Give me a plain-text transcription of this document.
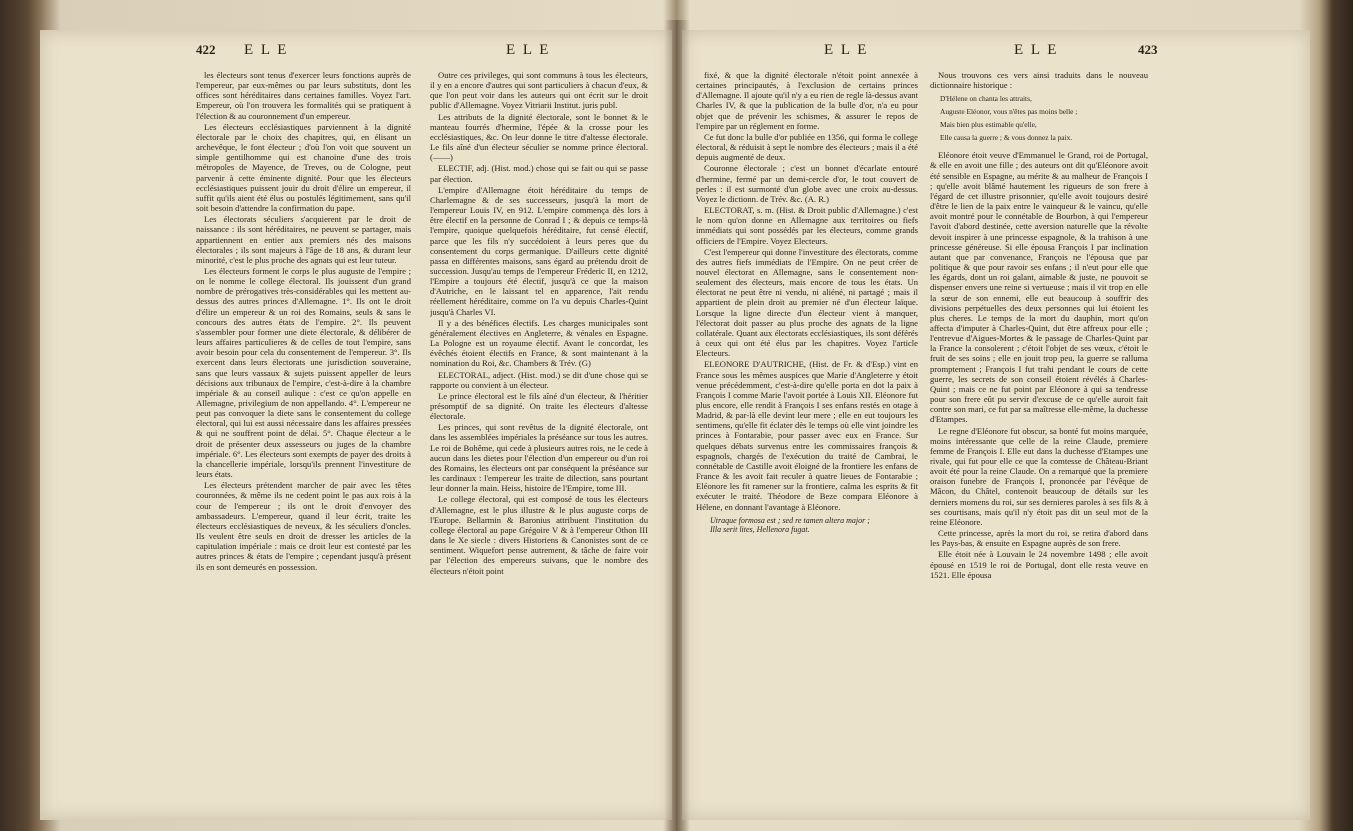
422 E L E	E L E	E L E	E L E	423

les électeurs sont tenus d'exercer leurs fonctions auprès de l'empereur, par eux-mêmes ou par leurs substituts, dont les offices sont héréditaires dans certaines familles. Voyez l'art. Empereur, où l'on trouvera les formalités qui se pratiquent à l'élection & au couronnement d'un empereur.

Les électeurs ecclésiastiques parviennent à la dignité électorale par le choix des chapitres, qui, en élisant un archevêque, le font électeur ; d'où l'on voit que souvent un simple gentilhomme qui est chanoine d'une des trois métropoles de Mayence, de Treves, ou de Cologne, peut parvenir à cette éminente dignité. Pour que les électeurs ecclésiastiques puissent jouir du droit d'élire un empereur, il suffit qu'ils aient été élus ou postulés légitimement, sans qu'il soit besoin d'attendre la confirmation du pape.

Les électorats séculiers s'acquierent par le droit de naissance : ils sont héréditaires, ne peuvent se partager, mais appartiennent en entier aux premiers nés des maisons électorales ; ils sont majeurs à l'âge de 18 ans, & durant leur minorité, c'est le plus proche des agnats qui est leur tuteur.

Les électeurs forment le corps le plus auguste de l'empire ; on le nomme le college électoral. Ils jouissent d'un grand nombre de prérogatives très-considérables qui les mettent au-dessus des autres princes d'Allemagne. 1°. Ils ont le droit d'élire un empereur & un roi des Romains, seuls & sans le concours des autres états de l'empire. 2°. Ils peuvent s'assembler pour former une diete électorale, & délibérer de leurs affaires particulieres & de celles de tout l'empire, sans avoir besoin pour cela du consentement de l'empereur. 3°. Ils exercent dans leurs électorats une jurisdiction souveraine, sans que leurs vassaux & sujets puissent appeller de leurs décisions aux tribunaux de l'empire, c'est-à-dire à la chambre impériale & au conseil aulique : c'est ce qu'on appelle en Allemagne, privilegium de non appellando. 4°. L'empereur ne peut pas convoquer la diete sans le consentement du college électoral, qui lui est aussi nécessaire dans les affaires pressées & qui ne souffrent point de délai. 5°. Chaque électeur a le droit de présenter deux assesseurs ou juges de la chambre impériale. 6°. Les électeurs sont exempts de payer des droits à la chancellerie impériale, lorsqu'ils prennent l'investiture de leurs états.

Les électeurs prétendent marcher de pair avec les têtes couronnées, & même ils ne cedent point le pas aux rois à la cour de l'empereur ; ils ont le droit d'envoyer des ambassadeurs. L'empereur, quand il leur écrit, traite les électeurs ecclésiastiques de neveux, & les séculiers d'oncles. Ils veulent être seuls en droit de dresser les articles de la capitulation impériale : mais ce droit leur est contesté par les autres princes & états de l'empire ; cependant jusqu'à présent ils en sont demeurés en possession.

Outre ces privileges, qui sont communs à tous les électeurs, il y en a encore d'autres qui sont particuliers à chacun d'eux, & que l'on peut voir dans les auteurs qui ont écrit sur le droit public d'Allemagne. Voyez Vitriarii Institut. juris publ.

Les attributs de la dignité électorale, sont le bonnet & le manteau fourrés d'hermine, l'épée & la crosse pour les ecclésiastiques, &c. On leur donne le titre d'altesse électorale. Le fils aîné d'un électeur séculier se nomme prince électoral. (——)

ELECTIF, adj. (Hist. mod.) chose qui se fait ou qui se passe par élection.

L'empire d'Allemagne étoit héréditaire du temps de Charlemagne & de ses successeurs, jusqu'à la mort de l'empereur Louis IV, en 912. L'empire commença dès lors à être électif en la personne de Conrad I ; & depuis ce temps-là l'empire, quoique quelquefois héréditaire, fut censé électif, parce que les fils n'y succédoient à leurs peres que du consentement du corps germanique. D'ailleurs cette dignité passa en différentes maisons, sans égard au prétendu droit de succession. Jusqu'au temps de l'empereur Fréderic II, en 1212, l'Empire a toujours été électif, jusqu'à ce que la maison d'Autriche, en le laissant tel en apparence, l'ait rendu réellement héréditaire, comme on l'a vu depuis Charles-Quint jusqu'à Charles VI.

Il y a des bénéfices électifs. Les charges municipales sont généralement électives en Angleterre, & vénales en Espagne. La Pologne est un royaume électif. Avant le concordat, les évêchés étoient électifs en France, & sont maintenant à la nomination du Roi, &c. Chambers & Trév. (G)

ELECTORAL, adject. (Hist. mod.) se dit d'une chose qui se rapporte ou convient à un électeur.

Le prince électoral est le fils aîné d'un électeur, & l'héritier présomptif de sa dignité. On traite les électeurs d'altesse électorale.

Les princes, qui sont revêtus de la dignité électorale, ont dans les assemblées impériales la préséance sur tous les autres. Le roi de Bohême, qui cede à plusieurs autres rois, ne le cede à aucun dans les dietes pour l'élection d'un empereur ou d'un roi des Romains, les électeurs ont par conséquent la préséance sur les cardinaux : l'empereur les traite de dilection, sans pourtant leur donner la main. Heiss, histoire de l'Empire, tome III.

Le college électoral, qui est composé de tous les électeurs d'Allemagne, est le plus illustre & le plus auguste corps de l'Europe. Bellarmin & Baronius attribuent l'institution du college électoral au pape Grégoire V & à l'empereur Othon III dans le Xe siecle : divers Historiens & Canonistes sont de ce sentiment. Wiquefort pense autrement, & tâche de faire voir par l'élection des empereurs suivans, que le nombre des électeurs n'étoit point

fixé, & que la dignité électorale n'étoit point annexée à certaines principautés, à l'exclusion de certains princes d'Allemagne. Il ajoute qu'il n'y a eu rien de regle là-dessus avant Charles IV, & que la publication de la bulle d'or, n'a eu pour objet que de prévenir les schismes, & assurer le repos de l'empire par un réglement en forme.

Ce fut donc la bulle d'or publiée en 1356, qui forma le college électoral, & réduisit à sept le nombre des électeurs ; mais il a été depuis augmenté de deux.

Couronne électorale ; c'est un bonnet d'écarlate entouré d'hermine, fermé par un demi-cercle d'or, le tout couvert de perles : il est surmonté d'un globe avec une croix au-dessus. Voyez le dictionn. de Trév. &c. (A. R.)

ELECTORAT, s. m. (Hist. & Droit public d'Allemagne.) c'est le nom qu'on donne en Allemagne aux territoires ou fiefs immédiats qui sont possédés par les électeurs, comme grands officiers de l'Empire. Voyez Electeurs.

C'est l'empereur qui donne l'investiture des électorats, comme des autres fiefs immédiats de l'Empire. On ne peut créer de nouvel électorat en Allemagne, sans le consentement non-seulement des électeurs, mais encore de tous les états. Un électorat ne peut être ni vendu, ni aliéné, ni partagé ; mais il appartient de plein droit au premier né d'un électeur laïque. Lorsque la ligne directe d'un électeur vient à manquer, l'électorat doit passer au plus proche des agnats de la ligne collatérale. Quant aux électorats ecclésiastiques, ils sont déférés à ceux qui ont été élus par les chapitres. Voyez l'article Electeurs.

ELEONORE D'AUTRICHE, (Hist. de Fr. & d'Esp.) vint en France sous les mêmes auspices que Marie d'Angleterre y étoit venue précédemment, c'est-à-dire qu'elle porta en dot la paix à François I comme Marie l'avoit portée à Louis XII. Eléonore fut plus encore, elle rendit à François I ses enfans restés en otage à Madrid, & par-là elle devint leur mere ; elle en eut toujours les sentimens, qu'elle fit éclater dès le temps où elle vint joindre les princes à Fontarabie, pour passer avec eux en France. Sur quelques débats survenus entre les commissaires françois & espagnols, chargés de l'exécution du traité de Cambrai, le connétable de Castille avoit éloigné de la frontiere les enfans de France & les avoit fait reculer à quatre lieues de Fontarabie ; Eléonore les fit ramener sur la frontiere, calma les esprits & fit exécuter le traité. Théodore de Beze compara Eléonore à Hélene, en donnant l'avantage à Eléonore.

Utraque formosa est ; sed re tamen altera major ;
Illa serit lites, Hellenora fugat.

Nous trouvons ces vers ainsi traduits dans le nouveau dictionnaire historique :

D'Hélene on chanta les attraits,
Auguste Eléonor, vous n'êtes pas moins belle ;
Mais bien plus estimable qu'elle,
Elle causa la guerre ; & vous donnez la paix.

Eléonore étoit veuve d'Emmanuel le Grand, roi de Portugal, & elle en avoit une fille ; des auteurs ont dit qu'Eléonore avoit été sensible en Espagne, au mérite & au malheur de François I ; qu'elle avoit blâmé hautement les rigueurs de son frere à l'égard de cet illustre prisonnier, qu'elle avoit toujours desiré d'être le lien de la paix entre le vainqueur & le vaincu, qu'elle avoit montré pour le connétable de Bourbon, à qui l'empereur l'avoit d'abord destinée, cette aversion naturelle que la révolte devoit inspirer à une princesse espagnole, & la trahison à une princesse généreuse. Si elle épousa François I par inclination autant que par convenance, François ne l'épousa que par politique & que pour ravoir ses enfans ; il n'eut pour elle que les égards, dont un roi galant, aimable & juste, ne pouvoit se dispenser envers une reine si vertueuse ; mais il vit trop en elle la sœur de son ennemi, elle eut beaucoup à souffrir des divisions perpétuelles des deux personnes qui lui étoient les plus cheres. Le temps de la mort du dauphin, mort qu'on affecta d'imputer à Charles-Quint, dut être affreux pour elle ; l'entrevue d'Aigues-Mortes & le passage de Charles-Quint par la France la consolerent ; c'étoit l'objet de ses vœux, c'étoit le fruit de ses soins ; elle en jouit trop peu, la guerre se ralluma promptement ; François I fut trahi pendant le cours de cette guerre, les secrets de son conseil étoient révélés à Charles-Quint ; mais ce ne fut point par Eléonore à qui sa tendresse pour son frere eût pu servir d'excuse de ce qu'elle auroit fait contre son mari, ce fut par sa maîtresse elle-même, la duchesse d'Etampes.

Le regne d'Eléonore fut obscur, sa bonté fut moins marquée, moins intéressante que celle de la reine Claude, premiere femme de François I. Elle eut dans la duchesse d'Etampes une rivale, qui fut pour elle ce que la comtesse de Château-Briant avoit été pour la reine Claude. On a remarqué que la premiere oraison funebre de François I, prononcée par l'évêque de Mâcon, du Châtel, contenoit beaucoup de détails sur les derniers momens du roi, sur ses dernieres paroles à ses fils & à ses courtisans, mais qu'il n'y étoit pas dit un seul mot de la reine Eléonore.

Cette princesse, après la mort du roi, se retira d'abord dans les Pays-bas, & ensuite en Espagne auprès de son frere.

Elle étoit née à Louvain le 24 novembre 1498 ; elle avoit épousé en 1519 le roi de Portugal, dont elle resta veuve en 1521. Elle épousa
